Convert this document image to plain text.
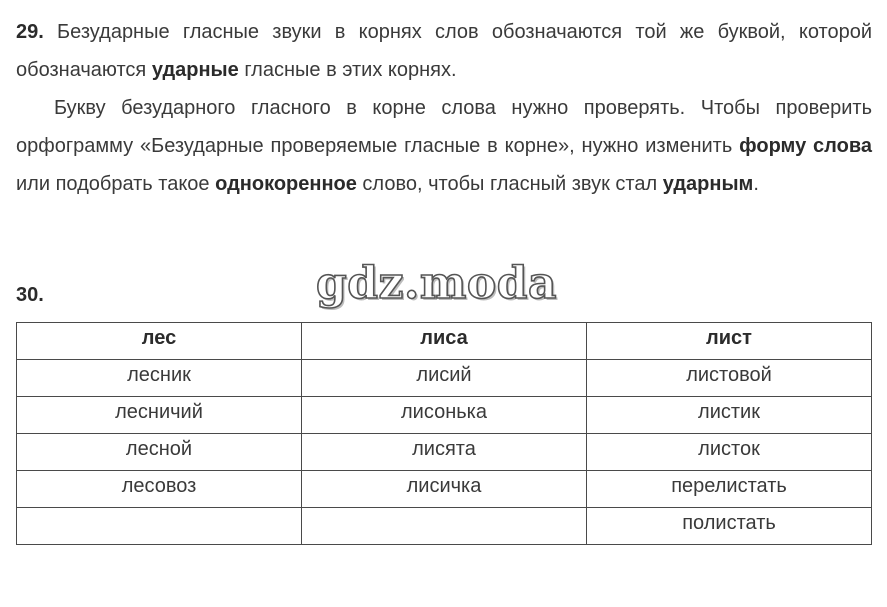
29. Безударные гласные звуки в корнях слов обозначаются той же буквой, которой обозначаются ударные гласные в этих корнях.

Букву безударного гласного в корне слова нужно проверять. Чтобы проверить орфограмму «Безударные проверяемые гласные в корне», нужно изменить форму слова или подобрать такое однокоренное слово, чтобы гласный звук стал ударным.

gdz.moda
30.
лес	лиса	лист
лесник	лисий	листовой
лесничий	лисонька	листик
лесной	лисята	листок
лесовоз	лисичка	перелистать
		полистать
